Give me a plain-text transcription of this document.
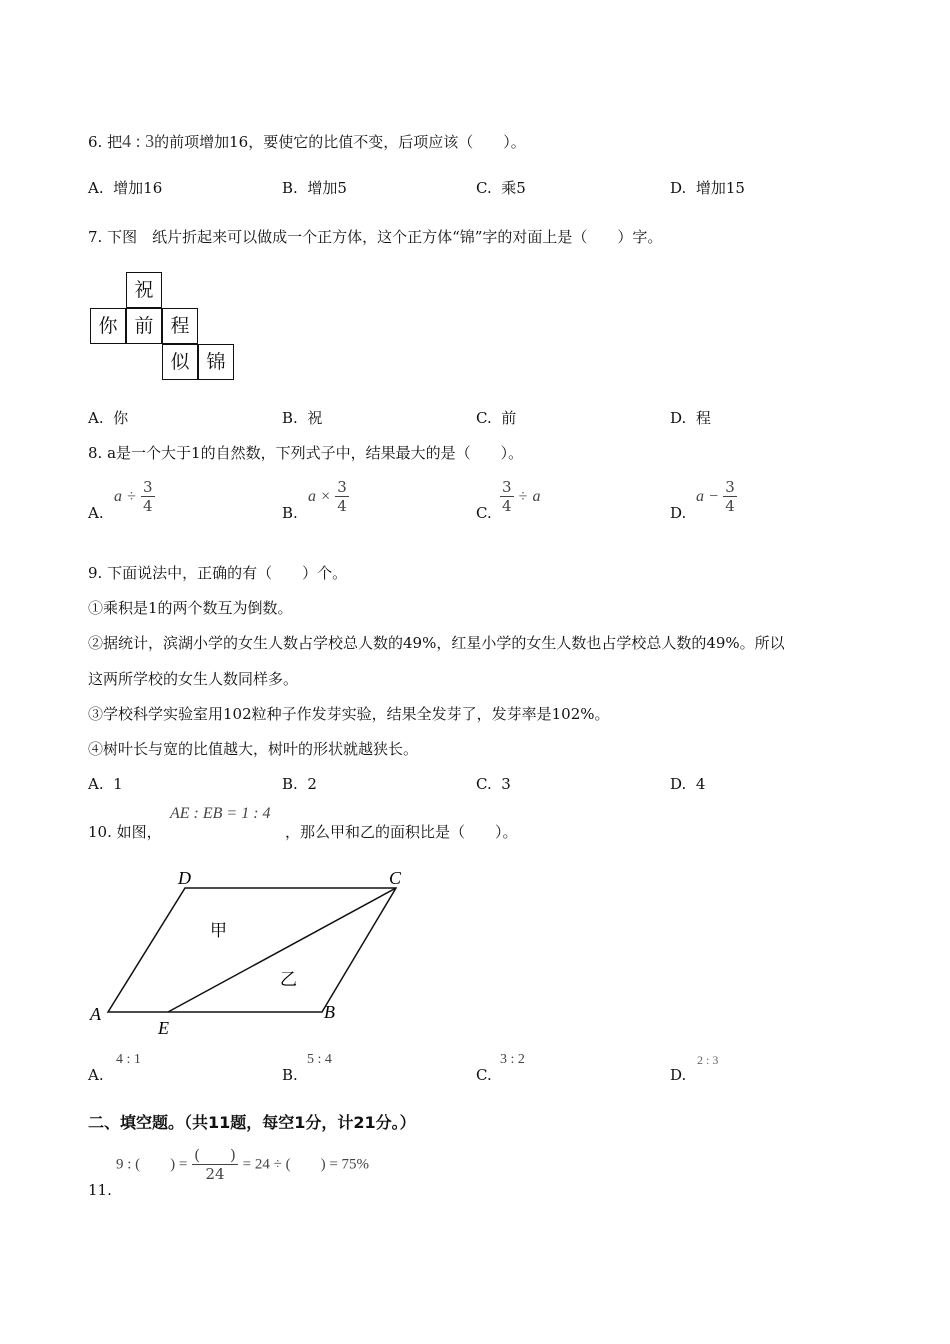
6. 把4 : 3的前项增加16，要使它的比值不变，后项应该（　　）。
A. 增加16	B. 增加5	C. 乘5	D. 增加15
7. 下图　纸片折起来可以做成一个正方体，这个正方体“锦”字的对面上是（　　）字。
祝
你 前 程
似 锦
A. 你	B. 祝	C. 前	D. 程
8. a是一个大于1的自然数，下列式子中，结果最大的是（　　）。
A.
$a \div \frac{3}{4}$	B.
$a \times \frac{3}{4}$	C. $\frac{3}{4} \div a$
D.
$a - \frac{3}{4}$
9. 下面说法中，正确的有（　　）个。
①乘积是1的两个数互为倒数。
②据统计，滨湖小学的女生人数占学校总人数的49%，红星小学的女生人数也占学校总人数的49%。所以
这两所学校的女生人数同样多。
③学校科学实验室用102粒种子作发芽实验，结果全发芽了，发芽率是102%。
④树叶长与宽的比值越大，树叶的形状就越狭长。
A. 1	B. 2	C. 3	D. 4
10. 如图，
AE : EB = 1 : 4
，那么甲和乙的面积比是（　　）。
D	C
A	B
E
甲
乙
A.
4 : 1
B.
5 : 4
C.
3 : 2
D.
2 : 3
二、填空题。（共11题，每空1分，计21分。）
11.
9 : (　　) = $\frac{( )}{24} = 24$ ÷ (　　) = 75%
